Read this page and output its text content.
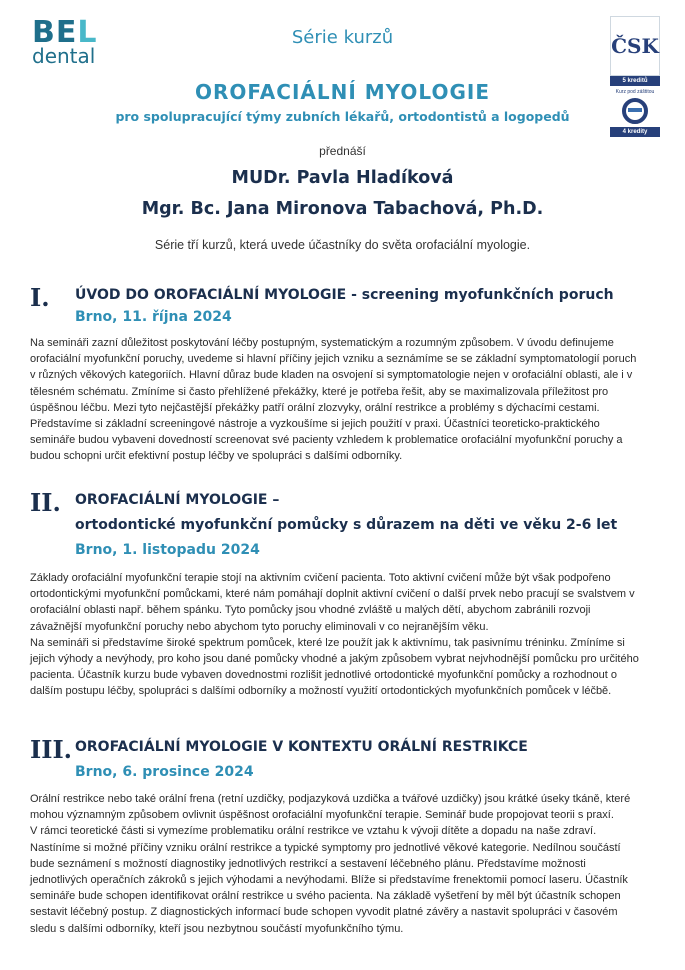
BEL
dental
Série kurzů	ČSK
5 kreditů
Kurz pod záštitou
4 kredity
OROFACIÁLNÍ MYOLOGIE
pro spolupracující týmy zubních lékařů, ortodontistů a logopedů
přednáší
MUDr. Pavla Hladíková
Mgr. Bc. Jana Mironova Tabachová, Ph.D.
Série tří kurzů, která uvede účastníky do světa orofaciální myologie.
I. ÚVOD DO OROFACIÁLNÍ MYOLOGIE - screening myofunkčních poruch
Brno, 11. října 2024

Na semináři zazní důležitost poskytování léčby postupným, systematickým a rozumným způsobem. V úvodu definujeme orofaciální myofunkční poruchy, uvedeme si hlavní příčiny jejich vzniku a seznámíme se se základní symptomatologií poruch v různých věkových kategoriích. Hlavní důraz bude kladen na osvojení si symptomatologie nejen v orofaciální oblasti, ale i v tělesném schématu. Zmíníme si často přehlížené překážky, které je potřeba řešit, aby se maximalizovala příležitost pro úspěšnou léčbu. Mezi tyto nejčastější překážky patří orální zlozvyky, orální restrikce a problémy s dýchacími cestami. Představíme si základní screeningové nástroje a vyzkoušíme si jejich použití v praxi. Účastníci teoreticko-praktického semináře budou vybaveni dovedností screenovat své pacienty vzhledem k problematice orofaciální myofunkční poruchy a budou schopni určit efektivní postup léčby ve spolupráci s dalšími odborníky.

II. OROFACIÁLNÍ MYOLOGIE –
ortodontické myofunkční pomůcky s důrazem na děti ve věku 2-6 let
Brno, 1. listopadu 2024

Základy orofaciální myofunkční terapie stojí na aktivním cvičení pacienta. Toto aktivní cvičení může být však podpořeno ortodontickými myofunkční pomůckami, které nám pomáhají doplnit aktivní cvičení o další prvek nebo pracují se svalstvem v orofaciální oblasti např. během spánku. Tyto pomůcky jsou vhodné zvláště u malých dětí, abychom zabránili rozvoji závažnější myofunkční poruchy nebo abychom tyto poruchy eliminovali v co nejranějším věku.

Na semináři si představíme široké spektrum pomůcek, které lze použít jak k aktivnímu, tak pasivnímu tréninku. Zmíníme si jejich výhody a nevýhody, pro koho jsou dané pomůcky vhodné a jakým způsobem vybrat nejvhodnější pomůcku pro určitého pacienta. Účastník kurzu bude vybaven dovednostmi rozlišit jednotlivé ortodontické myofunkční pomůcky a rozhodnout o dalším postupu léčby, spolupráci s dalšími odborníky a možností využití ortodontických myofunkčních pomůcek v léčbě.

III. OROFACIÁLNÍ MYOLOGIE V KONTEXTU ORÁLNÍ RESTRIKCE
Brno, 6. prosince 2024

Orální restrikce nebo také orální frena (retní uzdičky, podjazyková uzdička a tvářové uzdičky) jsou krátké úseky tkáně, které mohou významným způsobem ovlivnit úspěšnost orofaciální myofunkční terapie. Seminář bude propojovat teorii s praxí.

V rámci teoretické části si vymezíme problematiku orální restrikce ve vztahu k vývoji dítěte a dopadu na naše zdraví. Nastíníme si možné příčiny vzniku orální restrikce a typické symptomy pro jednotlivé věkové kategorie. Nedílnou součástí bude seznámení s možností diagnostiky jednotlivých restrikcí a sestavení léčebného plánu. Představíme možnosti jednotlivých operačních zákroků s jejich výhodami a nevýhodami. Blíže si představíme frenektomii pomocí laseru. Účastník semináře bude schopen identifikovat orální restrikce u svého pacienta. Na základě vyšetření by měl být účastník schopen sestavit léčebný postup. Z diagnostických informací bude schopen vyvodit platné závěry a nastavit spolupráci v časovém sledu s dalšími odborníky, kteří jsou nezbytnou součástí myofunkčního týmu.
